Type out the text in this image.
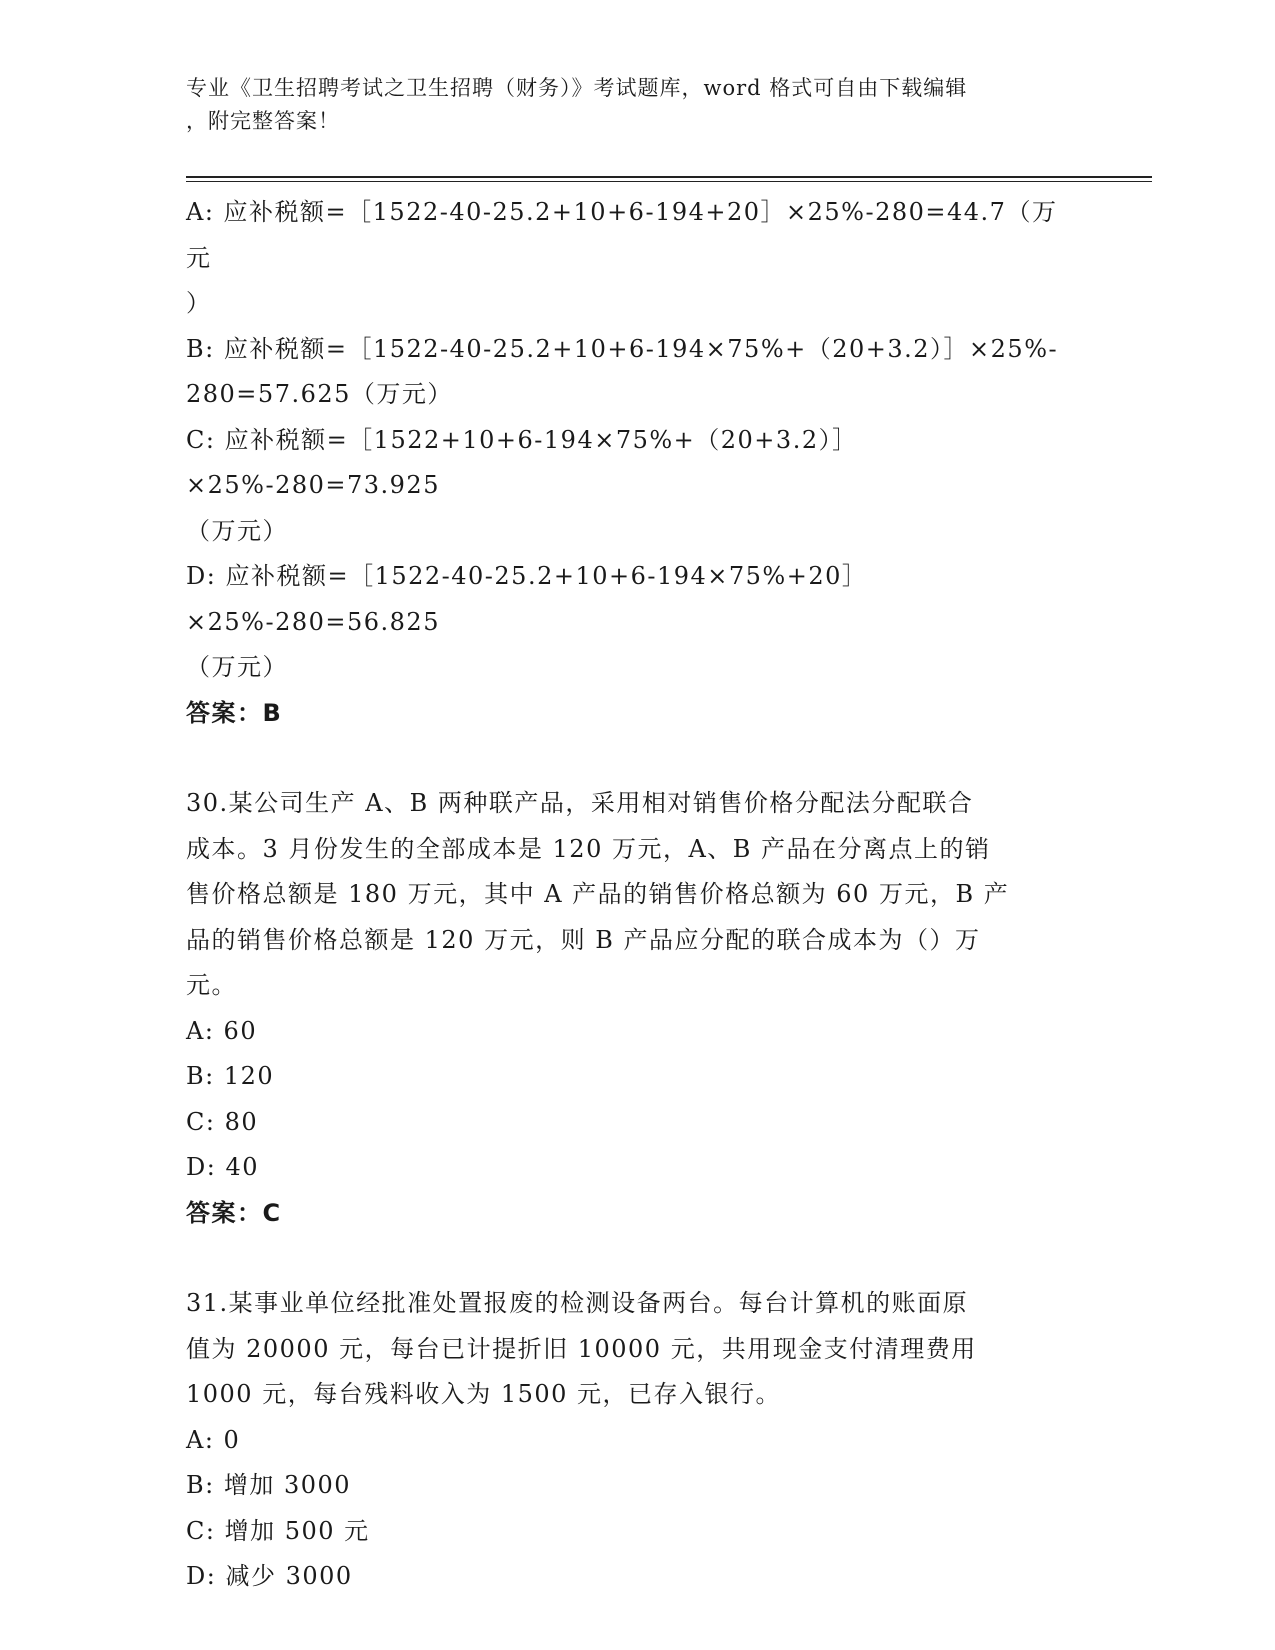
专业《卫生招聘考试之卫生招聘（财务）》考试题库，word 格式可自由下载编辑
，附完整答案！
A: 应补税额=［1522-40-25.2+10+6-194+20］×25%-280=44.7（万元
）
B: 应补税额=［1522-40-25.2+10+6-194×75%+（20+3.2）］×25%-
280=57.625（万元）
C: 应补税额=［1522+10+6-194×75%+（20+3.2）］×25%-280=73.925
（万元）
D: 应补税额=［1522-40-25.2+10+6-194×75%+20］×25%-280=56.825
（万元）
答案：B
30.某公司生产 A、B 两种联产品，采用相对销售价格分配法分配联合
成本。3 月份发生的全部成本是 120 万元，A、B 产品在分离点上的销
售价格总额是 180 万元，其中 A 产品的销售价格总额为 60 万元，B 产
品的销售价格总额是 120 万元，则 B 产品应分配的联合成本为（）万
元。
A: 60
B: 120
C: 80
D: 40
答案：C
31.某事业单位经批准处置报废的检测设备两台。每台计算机的账面原
值为 20000 元，每台已计提折旧 10000 元，共用现金支付清理费用
1000 元，每台残料收入为 1500 元，已存入银行。
A: 0
B: 增加 3000
C: 增加 500 元
D: 减少 3000
